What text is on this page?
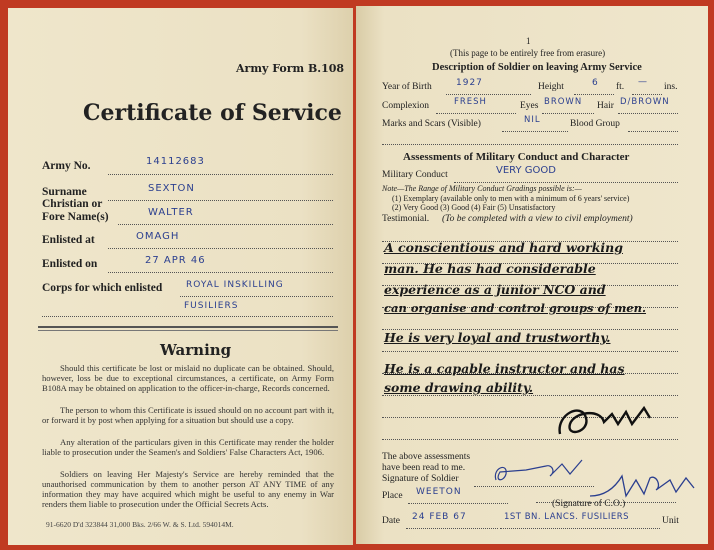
Army Form B.108
Certificate of Service
Army No.	14112683
Surname	SEXTON
Christian or
Fore Name(s)	WALTER
Enlisted at	OMAGH
Enlisted on	27 APR 46
Corps for which enlisted	ROYAL INSKILLING
FUSILIERS
Warning
Should this certificate be lost or mislaid no duplicate can be obtained. Should, however, loss be due to exceptional circumstances, a certificate, on Army Form B108A may be obtained on application to the officer-in-charge, Records concerned.
The person to whom this Certificate is issued should on no account part with it, or forward it by post when applying for a situation but should use a copy.
Any alteration of the particulars given in this Certificate may render the holder liable to prosecution under the Seamen's and Soldiers' False Characters Act, 1906.
Soldiers on leaving Her Majesty's Service are hereby reminded that the unauthorised communication by them to another person AT ANY TIME of any information they may have acquired which might be useful to any enemy in War renders them liable to prosecution under the Official Secrets Acts.
91-6620 D'd 323844 31,000 Bks. 2/66 W. & S. Ltd. 594014M.
1
(This page to be entirely free from erasure)
Description of Soldier on leaving Army Service
Year of Birth	1927	Height	6 ft. — ins.
Complexion	FRESH	Eyes BROWN Hair D/BROWN
Marks and Scars (Visible)	NIL	Blood Group
Assessments of Military Conduct and Character
Military Conduct	VERY GOOD
Note—The Range of Military Conduct Gradings possible is:—
(1) Exemplary (available only to men with a minimum of 6 years' service)
(2) Very Good (3) Good (4) Fair (5) Unsatisfactory
Testimonial. (To be completed with a view to civil employment)
A conscientious and hard working
man. He has had considerable
experience as a junior NCO and
can organise and control groups of men.
He is very loyal and trustworthy.
He is a capable instructor and has
some drawing ability.
The above assessments
have been read to me.
Signature of Soldier
Place WEETON
(Signature of C.O.)
Date 24 FEB 67	1ST BN. LANCS. FUSILIERS	Unit
